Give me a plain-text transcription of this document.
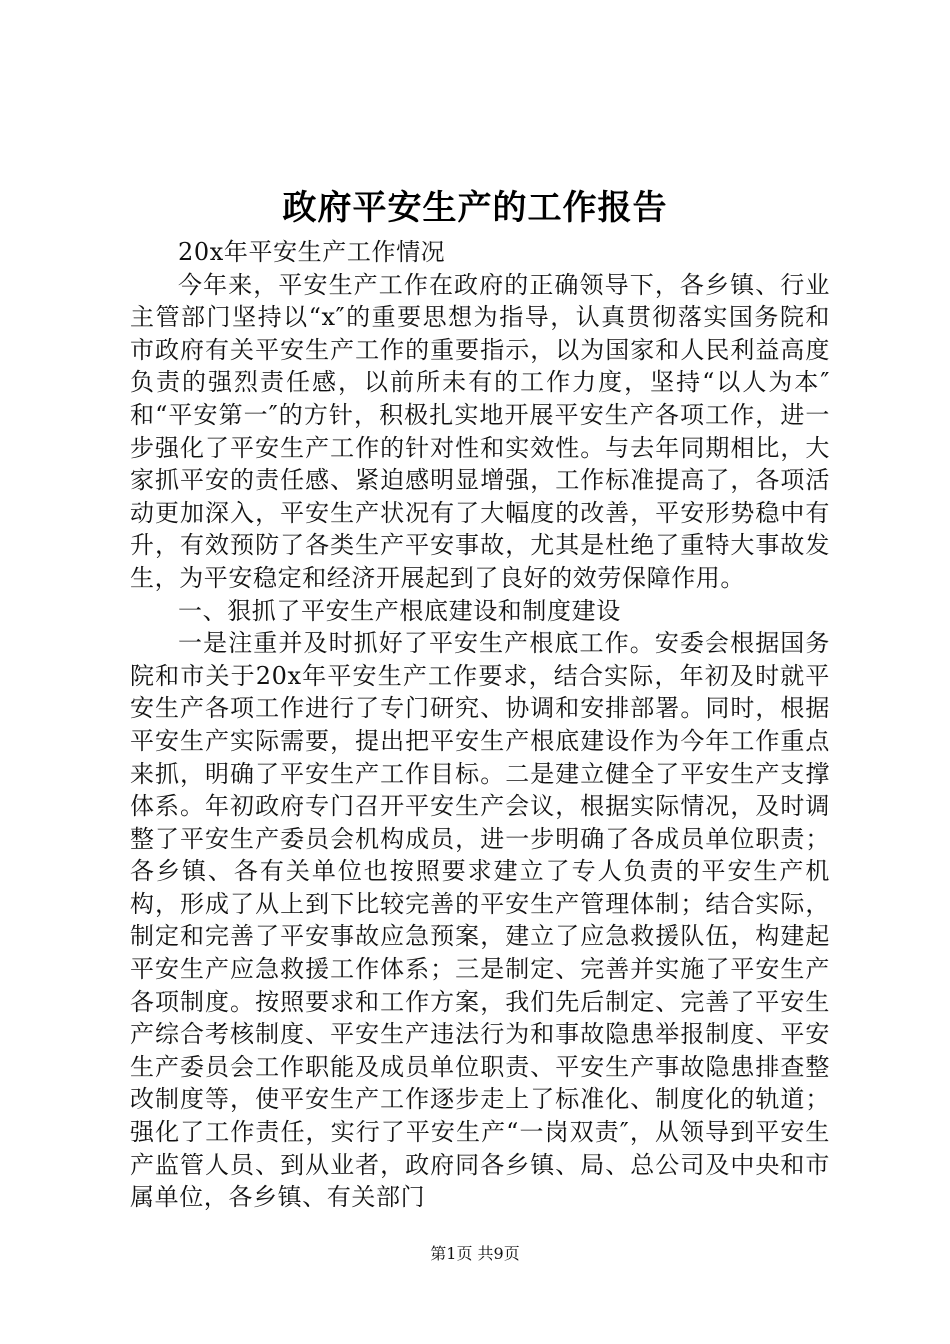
政府平安生产的工作报告

20x年平安生产工作情况

今年来，平安生产工作在政府的正确领导下，各乡镇、行业主管部门坚持以“x″的重要思想为指导，认真贯彻落实国务院和市政府有关平安生产工作的重要指示，以为国家和人民利益高度负责的强烈责任感，以前所未有的工作力度，坚持“以人为本″和“平安第一″的方针，积极扎实地开展平安生产各项工作，进一步强化了平安生产工作的针对性和实效性。与去年同期相比，大家抓平安的责任感、紧迫感明显增强，工作标准提高了，各项活动更加深入，平安生产状况有了大幅度的改善，平安形势稳中有升，有效预防了各类生产平安事故，尤其是杜绝了重特大事故发生，为平安稳定和经济开展起到了良好的效劳保障作用。

一、狠抓了平安生产根底建设和制度建设

一是注重并及时抓好了平安生产根底工作。安委会根据国务院和市关于20x年平安生产工作要求，结合实际，年初及时就平安生产各项工作进行了专门研究、协调和安排部署。同时，根据平安生产实际需要，提出把平安生产根底建设作为今年工作重点来抓，明确了平安生产工作目标。二是建立健全了平安生产支撑体系。年初政府专门召开平安生产会议，根据实际情况，及时调整了平安生产委员会机构成员，进一步明确了各成员单位职责；各乡镇、各有关单位也按照要求建立了专人负责的平安生产机构，形成了从上到下比较完善的平安生产管理体制；结合实际，制定和完善了平安事故应急预案，建立了应急救援队伍，构建起平安生产应急救援工作体系；三是制定、完善并实施了平安生产各项制度。按照要求和工作方案，我们先后制定、完善了平安生产综合考核制度、平安生产违法行为和事故隐患举报制度、平安生产委员会工作职能及成员单位职责、平安生产事故隐患排查整改制度等，使平安生产工作逐步走上了标准化、制度化的轨道；强化了工作责任，实行了平安生产“一岗双责″，从领导到平安生产监管人员、到从业者，政府同各乡镇、局、总公司及中央和市属单位，各乡镇、有关部门

第1页 共9页
